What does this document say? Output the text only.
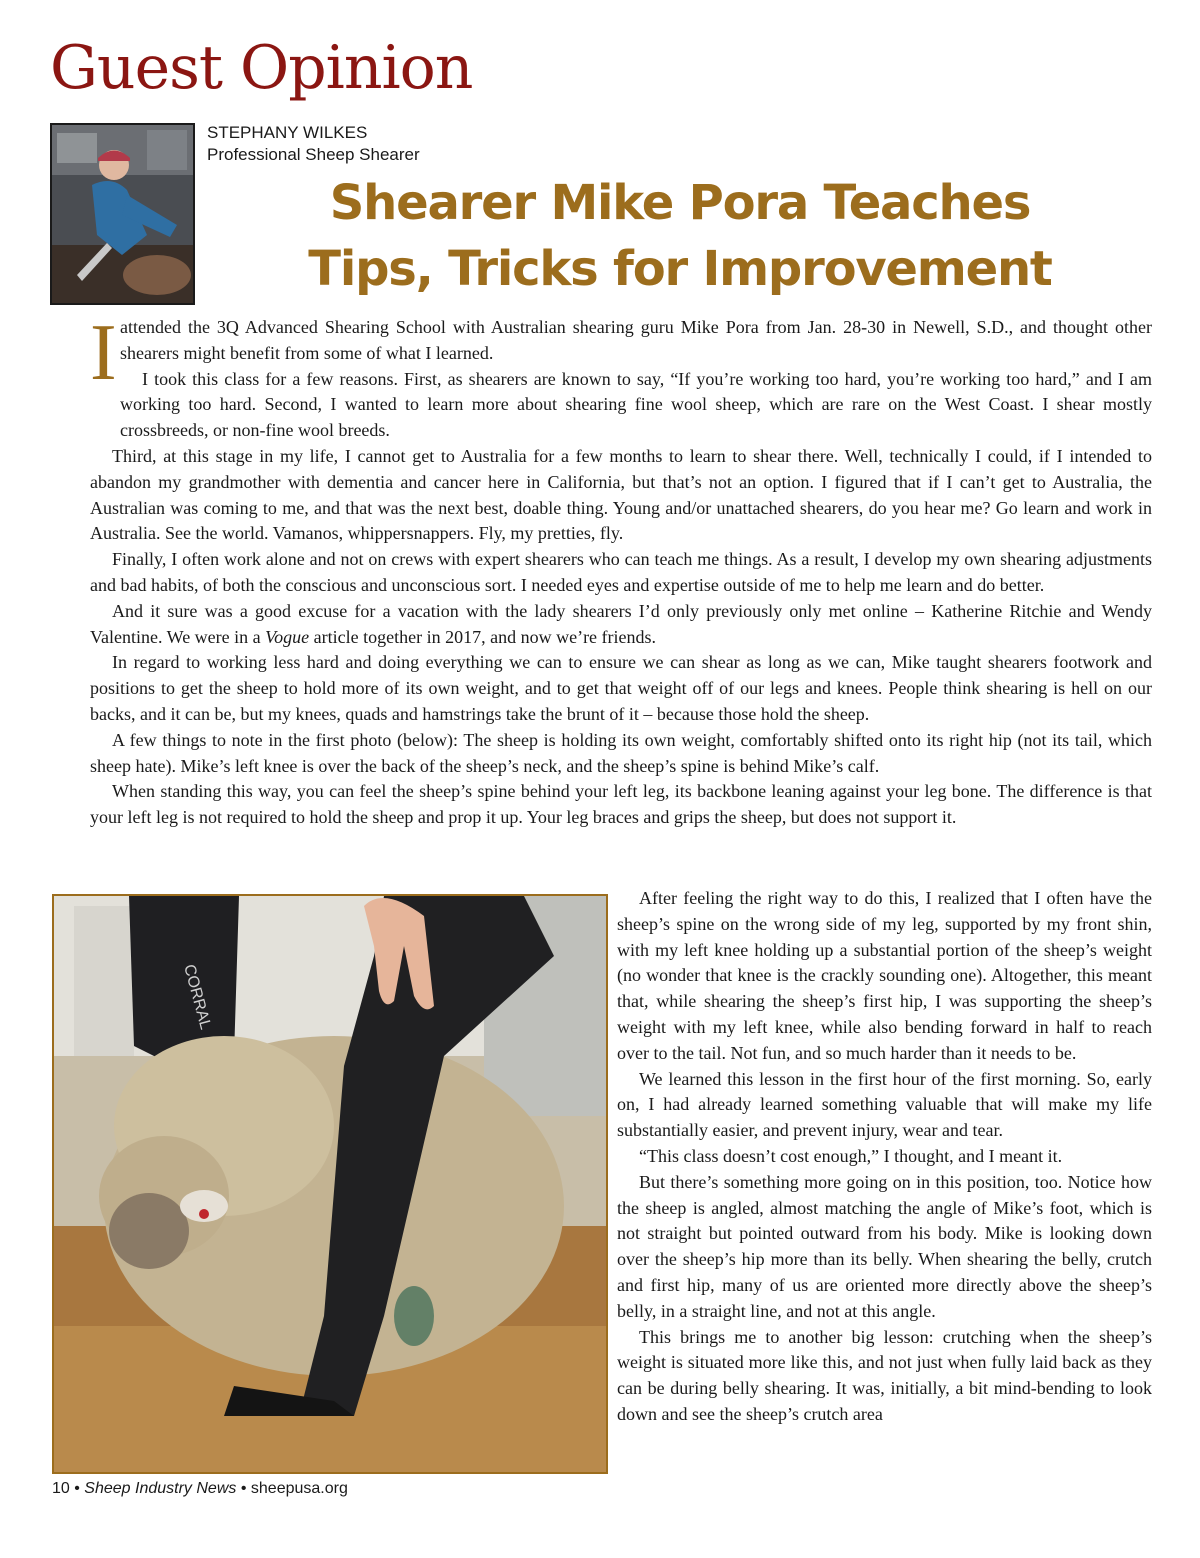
Guest Opinion
STEPHANY WILKES
Professional Sheep Shearer
Shearer Mike Pora Teaches
Tips, Tricks for Improvement
I attended the 3Q Advanced Shearing School with Australian shearing guru Mike Pora from Jan. 28-30 in Newell, S.D., and thought other shearers might benefit from some of what I learned.

I took this class for a few reasons. First, as shearers are known to say, “If you’re working too hard, you’re working too hard,” and I am working too hard. Second, I wanted to learn more about shearing fine wool sheep, which are rare on the West Coast. I shear mostly crossbreeds, or non-fine wool breeds.

Third, at this stage in my life, I cannot get to Australia for a few months to learn to shear there. Well, technically I could, if I intended to abandon my grandmother with dementia and cancer here in California, but that’s not an option. I figured that if I can’t get to Australia, the Australian was coming to me, and that was the next best, doable thing. Young and/or unattached shearers, do you hear me? Go learn and work in Australia. See the world. Vamanos, whippersnappers. Fly, my pretties, fly.

Finally, I often work alone and not on crews with expert shearers who can teach me things. As a result, I develop my own shearing adjustments and bad habits, of both the conscious and unconscious sort. I needed eyes and expertise outside of me to help me learn and do better.

And it sure was a good excuse for a vacation with the lady shearers I’d only previously only met online – Katherine Ritchie and Wendy Valentine. We were in a Vogue article together in 2017, and now we’re friends.

In regard to working less hard and doing everything we can to ensure we can shear as long as we can, Mike taught shearers footwork and positions to get the sheep to hold more of its own weight, and to get that weight off of our legs and knees. People think shearing is hell on our backs, and it can be, but my knees, quads and hamstrings take the brunt of it – because those hold the sheep.

A few things to note in the first photo (below): The sheep is holding its own weight, comfortably shifted onto its right hip (not its tail, which sheep hate). Mike’s left knee is over the back of the sheep’s neck, and the sheep’s spine is behind Mike’s calf.

When standing this way, you can feel the sheep’s spine behind your left leg, its backbone leaning against your leg bone. The difference is that your left leg is not required to hold the sheep and prop it up. Your leg braces and grips the sheep, but does not support it.

CORRAL

After feeling the right way to do this, I realized that I often have the sheep’s spine on the wrong side of my leg, supported by my front shin, with my left knee holding up a substantial portion of the sheep’s weight (no wonder that knee is the crackly sounding one). Altogether, this meant that, while shearing the sheep’s first hip, I was supporting the sheep’s weight with my left knee, while also bending forward in half to reach over to the tail. Not fun, and so much harder than it needs to be.

We learned this lesson in the first hour of the first morning. So, early on, I had already learned something valuable that will make my life substantially easier, and prevent injury, wear and tear.

“This class doesn’t cost enough,” I thought, and I meant it.

But there’s something more going on in this position, too. Notice how the sheep is angled, almost matching the angle of Mike’s foot, which is not straight but pointed outward from his body. Mike is looking down over the sheep’s hip more than its belly. When shearing the belly, crutch and first hip, many of us are oriented more directly above the sheep’s belly, in a straight line, and not at this angle.

This brings me to another big lesson: crutching when the sheep’s weight is situated more like this, and not just when fully laid back as they can be during belly shearing. It was, initially, a bit mind-bending to look down and see the sheep’s crutch area

10 • Sheep Industry News • sheepusa.org
